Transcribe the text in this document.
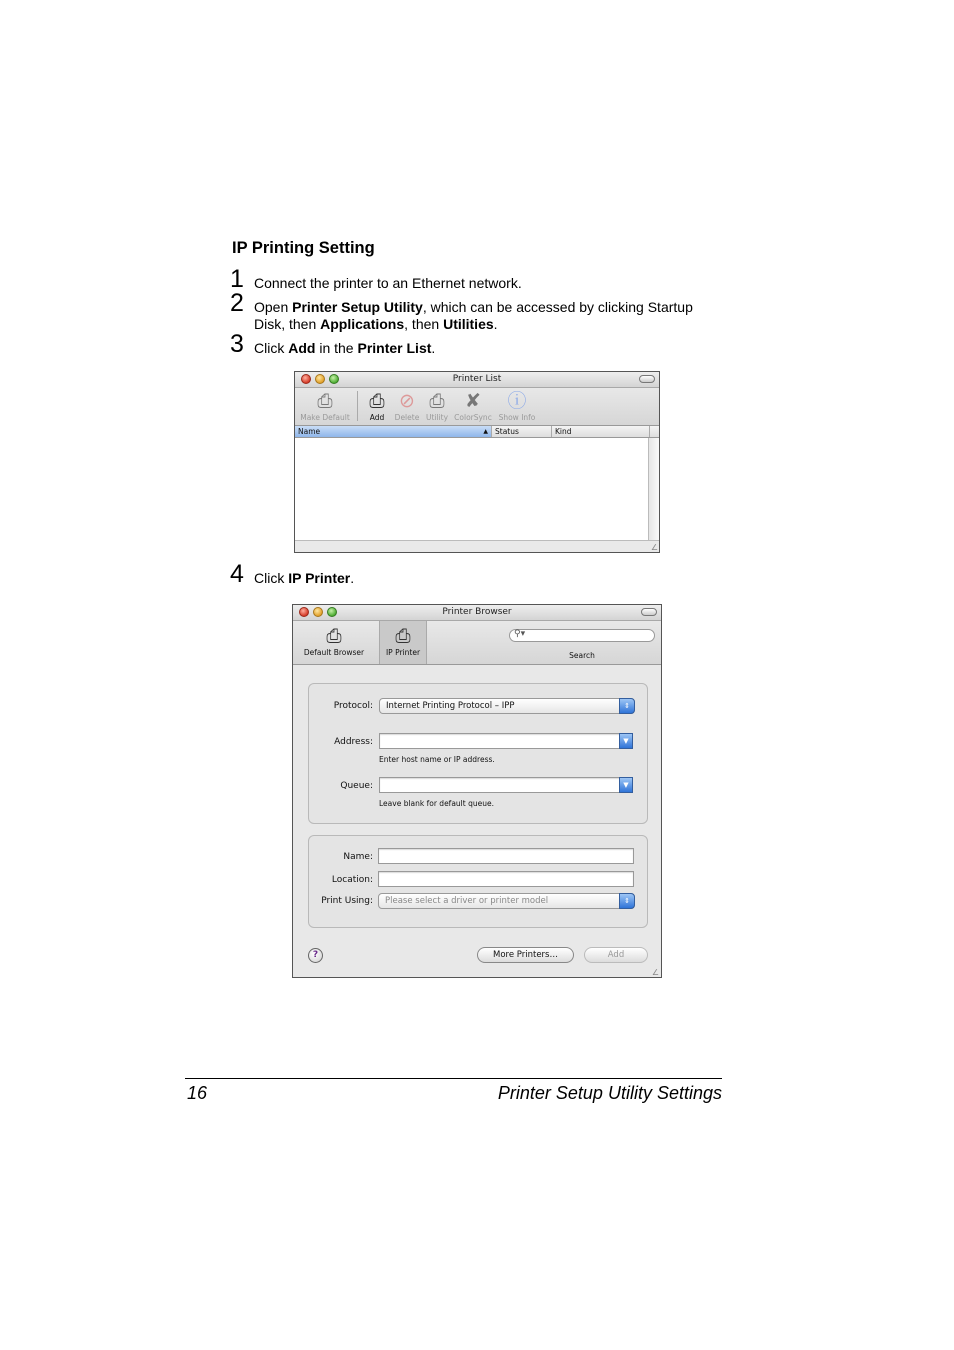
IP Printing Setting
1 Connect the printer to an Ethernet network.
2 Open Printer Setup Utility, which can be accessed by clicking Startup Disk, then Applications, then Utilities.
3 Click Add in the Printer List.
Printer List
⎙
Make Default
⎙
Add
⊘
Delete
⎙
Utility
✘
ColorSync
ⓘ
Show Info
Name	▲ Status	Kind
∠
4 Click IP Printer.
Printer Browser
⎙
Default Browser
⎙
IP Printer
⚲▾
Search
Protocol:	Internet Printing Protocol – IPP	⇕
Address:	▼
Enter host name or IP address.
Queue:	▼
Leave blank for default queue.
Name:
Location:
Print Using:	Please select a driver or printer model	⇕
?	More Printers…	Add
∠
16	Printer Setup Utility Settings
